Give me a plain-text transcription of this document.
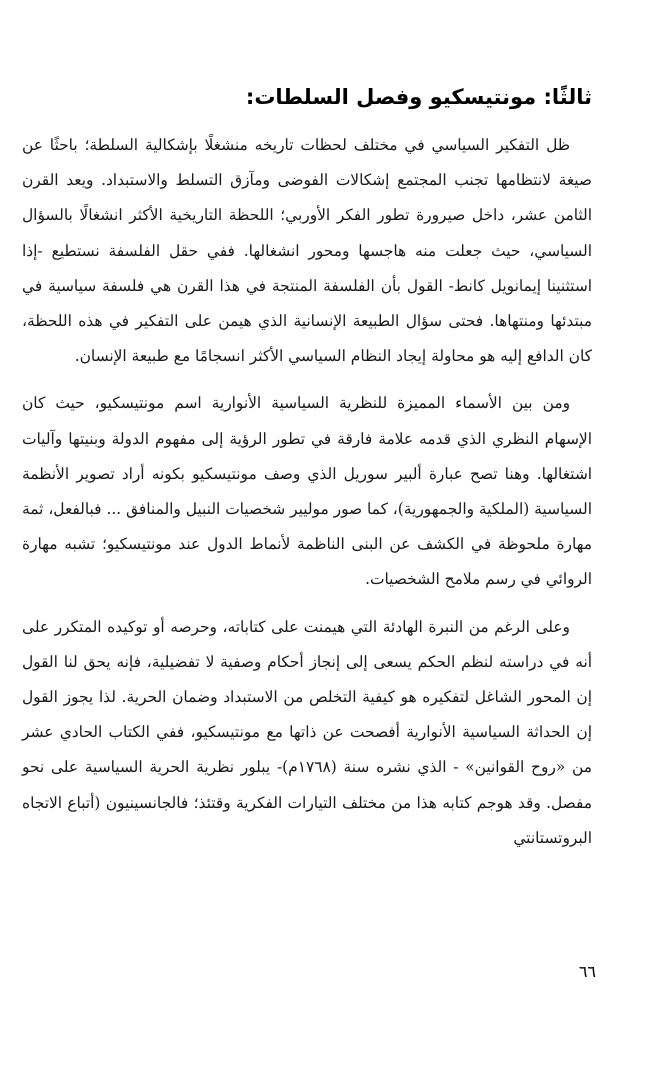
ثالثًا: مونتيسكيو وفصل السلطات:

ظل التفكير السياسي في مختلف لحظات تاريخه منشغلًا بإشكالية السلطة؛ باحثًا عن صيغة لانتظامها تجنب المجتمع إشكالات الفوضى ومآزق التسلط والاستبداد. ويعد القرن الثامن عشر، داخل صيرورة تطور الفكر الأوربي؛ اللحظة التاريخية الأكثر انشغالًا بالسؤال السياسي، حيث جعلت منه هاجسها ومحور انشغالها. ففي حقل الفلسفة نستطيع -إذا استثنينا إيمانويل كانط- القول بأن الفلسفة المنتجة في هذا القرن هي فلسفة سياسية في مبتدئها ومنتهاها. فحتى سؤال الطبيعة الإنسانية الذي هيمن على التفكير في هذه اللحظة، كان الدافع إليه هو محاولة إيجاد النظام السياسي الأكثر انسجامًا مع طبيعة الإنسان.

ومن بين الأسماء المميزة للنظرية السياسية الأنوارية اسم مونتيسكيو، حيث كان الإسهام النظري الذي قدمه علامة فارقة في تطور الرؤية إلى مفهوم الدولة وبنيتها وآليات اشتغالها. وهنا تصح عبارة ألبير سوريل الذي وصف مونتيسكيو بكونه أراد تصوير الأنظمة السياسية (الملكية والجمهورية)، كما صور موليير شخصيات النبيل والمنافق ... فبالفعل، ثمة مهارة ملحوظة في الكشف عن البنى الناظمة لأنماط الدول عند مونتيسكيو؛ تشبه مهارة الروائي في رسم ملامح الشخصيات.

وعلى الرغم من النبرة الهادئة التي هيمنت على كتاباته، وحرصه أو توكيده المتكرر على أنه في دراسته لنظم الحكم يسعى إلى إنجاز أحكام وصفية لا تفضيلية، فإنه يحق لنا القول إن المحور الشاغل لتفكيره هو كيفية التخلص من الاستبداد وضمان الحرية. لذا يجوز القول إن الحداثة السياسية الأنوارية أفصحت عن ذاتها مع مونتيسكيو، ففي الكتاب الحادي عشر من «روح القوانين» - الذي نشره سنة (١٧٦٨م)- يبلور نظرية الحرية السياسية على نحو مفصل. وقد هوجم كتابه هذا من مختلف التيارات الفكرية وقتئذ؛ فالجانسينيون (أتباع الاتجاه البروتستانتي

٦٦
